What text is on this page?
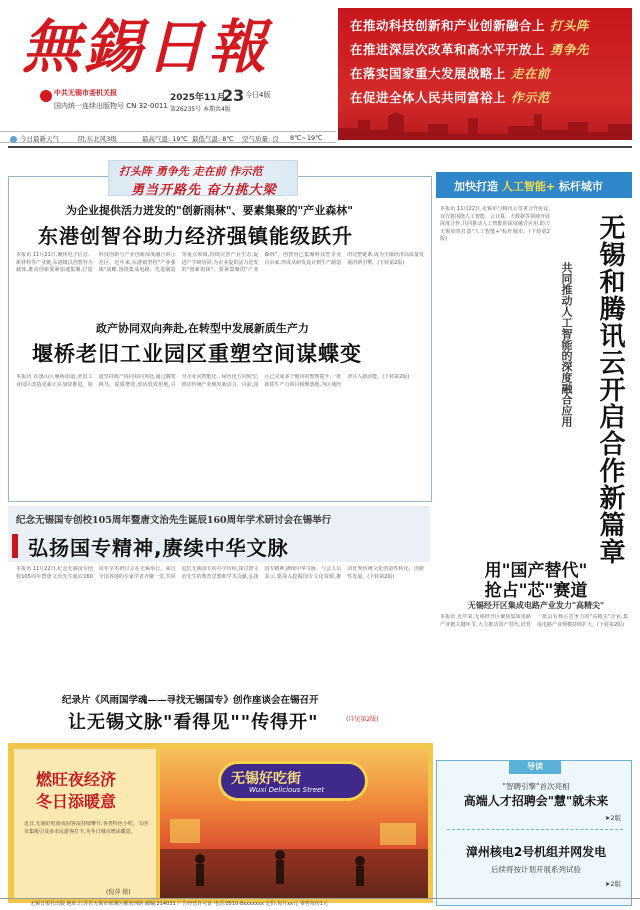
無錫日報
中共无锡市委机关报
国内统一连续出版物号 CN 32-0011
2025年11月
23 今日4版
第26235号 本期共4版
在推动科技创新和产业创新融合上 打头阵
在推进深层次改革和高水平开放上 勇争先
在落实国家重大发展战略上 走在前
在促进全体人民共同富裕上 作示范
今日最新天气	阴,东北风3级	最高气温: 19℃ 最低气温: 8℃ 空气质量: 良 8℃~19℃
打头阵 勇争先 走在前 作示范
勇当开路先 奋力挑大梁
为企业提供活力迸发的"创新雨林"、要素集聚的"产业森林"
东港创智谷助力经济强镇能级跃升
本报讯 11月21日,聚焦电子信息、新材料等产业链,东港镇以创智谷为载体,推动创新要素加速集聚,打造科技创新与产业创新深度融合的示范区。近年来,东港镇坚持"产业强镇"战略,围绕集成电路、先进制造等重点领域,持续完善产业生态,促进产学研协同,为企业提供活力迸发的"创新雨林"、要素集聚的"产业森林"。创智谷已集聚科技型企业百余家,形成从研发设计到生产制造的完整链条,成为全镇经济高质量发展的新引擎。(下转第2版)
政产协同双向奔赴,在转型中发展新质生产力
堰桥老旧工业园区重塑空间谋蝶变
本报讯 在惠山区堰桥街道,老旧工业园区改造更新正在加快推进。街道坚持政产协同双向奔赴,通过腾笼换鸟、提质增效,盘活低效用地,引导企业向智能化、绿色化方向转型,推动传统产业焕发新活力。目前,园区已完成多个地块的整理提升,一批新质生产力项目相继落地,为区域经济注入新动能。(下转第2版)
纪念无锡国专创校105周年暨唐文治先生诞辰160周年学术研讨会在锡举行
弘扬国专精神,赓续中华文脉
本报讯 11月22日,纪念无锡国专创校105周年暨唐文治先生诞辰160周年学术研讨会在无锡举行。来自全国各地的专家学者齐聚一堂,共同追忆无锡国专的办学历程,探讨唐文治先生的教育思想和学术贡献,弘扬国专精神,赓续中华文脉。与会人员表示,要深入挖掘国专文化资源,推动优秀传统文化创造性转化、创新性发展。(下转第2版)
纪录片《风雨国学魂——寻找无锡国专》创作座谈会在锡召开
让无锡文脉"看得见""传得开"	(详见第2版)
燃旺夜经济
冬日添暖意
近日,无锡好吃街夜间客流持续攀升,各类特色小吃、文创市集吸引众多市民游客打卡,为冬日城市增添暖意。
(倪萍 摄)
无锡好吃街
Wuxi Delicious Street
加快打造 人工智能+ 标杆城市
无锡和腾讯云开启合作新篇章
共同推动人工智能的深度融合应用
本报讯 11月22日,无锡市与腾讯云签署合作协议,双方将围绕人工智能、云计算、大数据等领域开展深度合作,共同推动人工智能的深度融合应用,助力无锡加快打造"人工智能+"标杆城市。(下转第2版)
用"国产替代"
抢占"芯"赛道
无锡经开区集成电路产业发力"高精尖"
本报讯 近年来,无锡经开区聚焦集成电路产业链关键环节,大力推动国产替代,培育一批具有核心竞争力的"高精尖"企业,集成电路产业规模持续扩大。(下转第2版)
导读
"智聘引擎"首次亮相
高端人才招聘会"慧"就未来
➤2版
漳州核电2号机组并网发电
后续将按计划开展系列试验
➤2版
无锡日报社出版 地址:江苏省无锡市梁溪区解放西路 邮编:214031 广告经营许可证 电话:0510-8xxxxxxx 定价:每月xx元 零售每份1元
